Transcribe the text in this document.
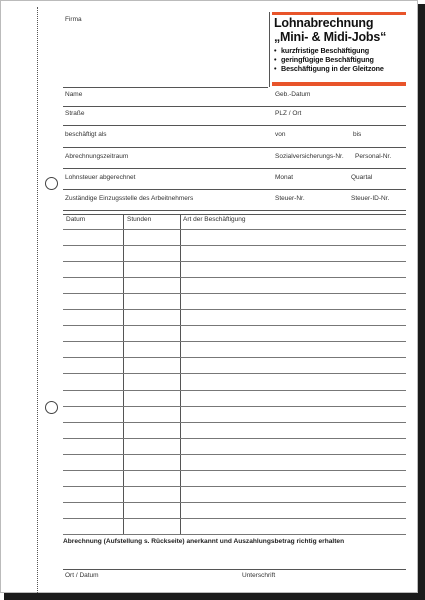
Firma	Lohnabrechnung
„Mini- & Midi-Jobs“
• kurzfristige Beschäftigung
• geringfügige Beschäftigung
• Beschäftigung in der Gleitzone
Name	Geb.-Datum
Straße	PLZ / Ort
beschäftigt als	von	bis
Abrechnungszeitraum	Sozialversicherungs-Nr. Personal-Nr.
Lohnsteuer abgerechnet	Monat	Quartal
Zuständige Einzugsstelle des Arbeitnehmers	Steuer-Nr.	Steuer-ID-Nr.
Datum	Stunden	Art der Beschäftigung
Abrechnung (Aufstellung s. Rückseite) anerkannt und Auszahlungsbetrag richtig erhalten
Ort / Datum	Unterschrift
